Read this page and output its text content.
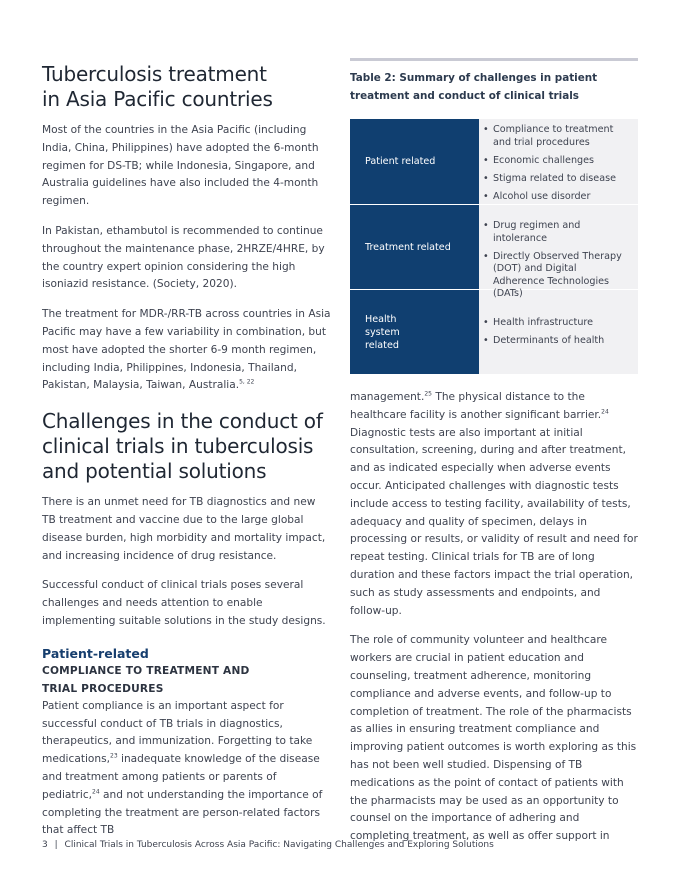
Tuberculosis treatment
in Asia Pacific countries

Most of the countries in the Asia Pacific (including India, China, Philippines) have adopted the 6-month regimen for DS-TB; while Indonesia, Singapore, and Australia guidelines have also included the 4-month regimen.

In Pakistan, ethambutol is recommended to continue throughout the maintenance phase, 2HRZE/4HRE, by the country expert opinion considering the high isoniazid resistance. (Society, 2020).

The treatment for MDR-/RR-TB across countries in Asia Pacific may have a few variability in combination, but most have adopted the shorter 6-9 month regimen, including India, Philippines, Indonesia, Thailand, Pakistan, Malaysia, Taiwan, Australia.$^{5, 22}$

Challenges in the conduct of
clinical trials in tuberculosis
and potential solutions

There is an unmet need for TB diagnostics and new TB treatment and vaccine due to the large global disease burden, high morbidity and mortality impact, and increasing incidence of drug resistance.

Successful conduct of clinical trials poses several challenges and needs attention to enable implementing suitable solutions in the study designs.

Patient-related
COMPLIANCE TO TREATMENT AND
TRIAL PROCEDURES

Patient compliance is an important aspect for successful conduct of TB trials in diagnostics, therapeutics, and immunization. Forgetting to take medications,$^{23}$ inadequate knowledge of the disease and treatment among patients or parents of pediatric,$^{24}$ and not understanding the importance of completing the treatment are person-related factors that affect TB

Table 2: Summary of challenges in patient treatment and conduct of clinical trials
Patient related
• Compliance to treatment and trial procedures
• Economic challenges
• Stigma related to disease
• Alcohol use disorder
Treatment related
• Drug regimen and intolerance
• Directly Observed Therapy (DOT) and Digital Adherence Technologies (DATs)
Health system related
• Health infrastructure
• Determinants of health

management.$^{25}$ The physical distance to the healthcare facility is another significant barrier.$^{24}$ Diagnostic tests are also important at initial consultation, screening, during and after treatment, and as indicated especially when adverse events occur. Anticipated challenges with diagnostic tests include access to testing facility, availability of tests, adequacy and quality of specimen, delays in processing or results, or validity of result and need for repeat testing. Clinical trials for TB are of long duration and these factors impact the trial operation, such as study assessments and endpoints, and follow-up.

The role of community volunteer and healthcare workers are crucial in patient education and counseling, treatment adherence, monitoring compliance and adverse events, and follow-up to completion of treatment. The role of the pharmacists as allies in ensuring treatment compliance and improving patient outcomes is worth exploring as this has not been well studied. Dispensing of TB medications as the point of contact of patients with the pharmacists may be used as an opportunity to counsel on the importance of adhering and completing treatment, as well as offer support in

3 | Clinical Trials in Tuberculosis Across Asia Pacific: Navigating Challenges and Exploring Solutions
